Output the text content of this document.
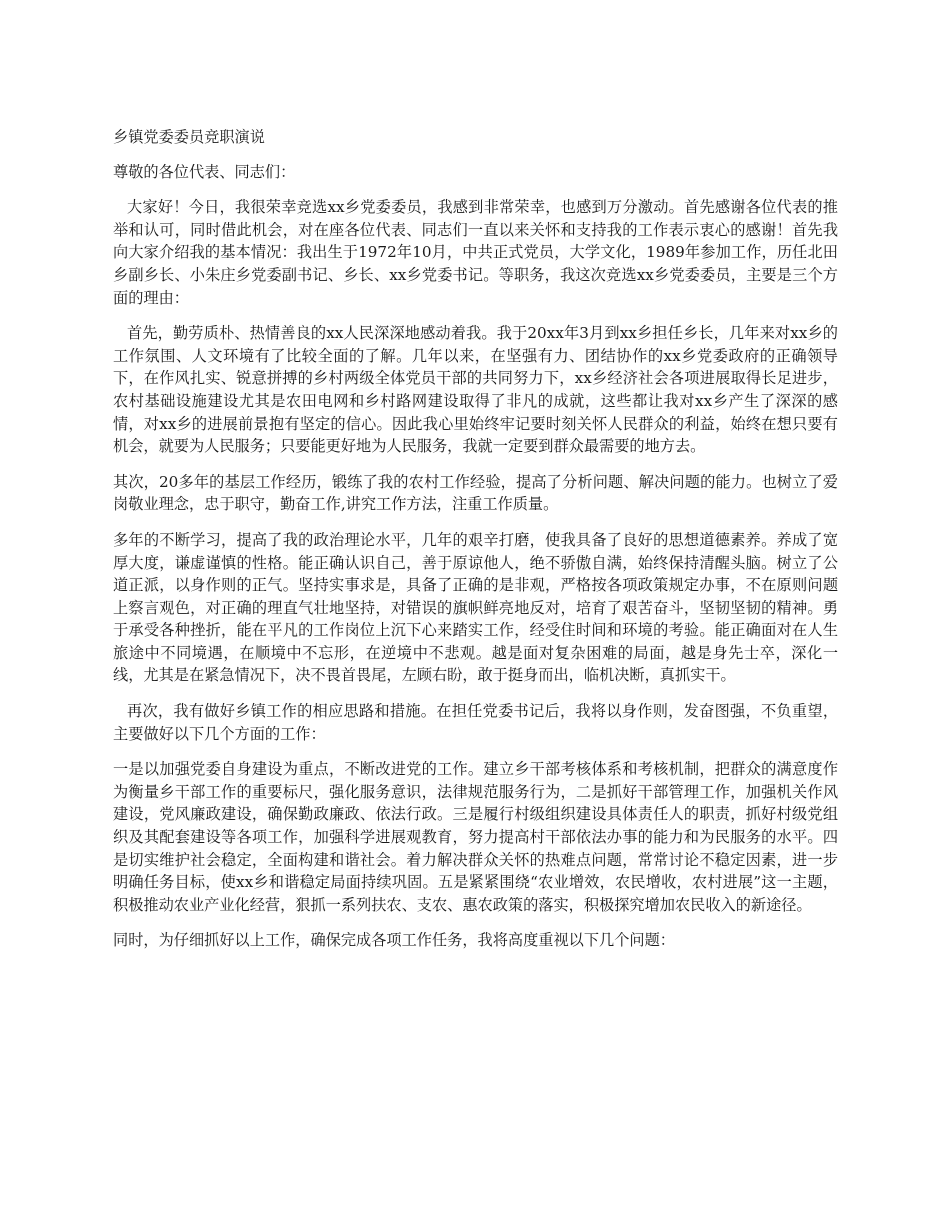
乡镇党委委员竞职演说

尊敬的各位代表、同志们：

大家好！今日，我很荣幸竞选xx乡党委委员，我感到非常荣幸，也感到万分激动。首先感谢各位代表的推举和认可，同时借此机会，对在座各位代表、同志们一直以来关怀和支持我的工作表示衷心的感谢！首先我向大家介绍我的基本情况：我出生于1972年10月，中共正式党员，大学文化，1989年参加工作，历任北田乡副乡长、小朱庄乡党委副书记、乡长、xx乡党委书记。等职务，我这次竞选xx乡党委委员，主要是三个方面的理由：

首先，勤劳质朴、热情善良的xx人民深深地感动着我。我于20xx年3月到xx乡担任乡长，几年来对xx乡的工作氛围、人文环境有了比较全面的了解。几年以来，在坚强有力、团结协作的xx乡党委政府的正确领导下，在作风扎实、锐意拼搏的乡村两级全体党员干部的共同努力下，xx乡经济社会各项进展取得长足进步，农村基础设施建设尤其是农田电网和乡村路网建设取得了非凡的成就，这些都让我对xx乡产生了深深的感情，对xx乡的进展前景抱有坚定的信心。因此我心里始终牢记要时刻关怀人民群众的利益，始终在想只要有机会，就要为人民服务；只要能更好地为人民服务，我就一定要到群众最需要的地方去。

其次，20多年的基层工作经历，锻练了我的农村工作经验，提高了分析问题、解决问题的能力。也树立了爱岗敬业理念，忠于职守，勤奋工作,讲究工作方法，注重工作质量。

多年的不断学习，提高了我的政治理论水平，几年的艰辛打磨，使我具备了良好的思想道德素养。养成了宽厚大度，谦虚谨慎的性格。能正确认识自己，善于原谅他人，绝不骄傲自满，始终保持清醒头脑。树立了公道正派，以身作则的正气。坚持实事求是，具备了正确的是非观，严格按各项政策规定办事，不在原则问题上察言观色，对正确的理直气壮地坚持，对错误的旗帜鲜亮地反对，培育了艰苦奋斗，坚韧坚韧的精神。勇于承受各种挫折，能在平凡的工作岗位上沉下心来踏实工作，经受住时间和环境的考验。能正确面对在人生旅途中不同境遇，在顺境中不忘形，在逆境中不悲观。越是面对复杂困难的局面，越是身先士卒，深化一线，尤其是在紧急情况下，决不畏首畏尾，左顾右盼，敢于挺身而出，临机决断，真抓实干。

再次，我有做好乡镇工作的相应思路和措施。在担任党委书记后，我将以身作则，发奋图强，不负重望，主要做好以下几个方面的工作：

一是以加强党委自身建设为重点，不断改进党的工作。建立乡干部考核体系和考核机制，把群众的满意度作为衡量乡干部工作的重要标尺，强化服务意识，法律规范服务行为，二是抓好干部管理工作，加强机关作风建设，党风廉政建设，确保勤政廉政、依法行政。三是履行村级组织建设具体责任人的职责，抓好村级党组织及其配套建设等各项工作，加强科学进展观教育，努力提高村干部依法办事的能力和为民服务的水平。四是切实维护社会稳定，全面构建和谐社会。着力解决群众关怀的热难点问题，常常讨论不稳定因素，进一步明确任务目标，使xx乡和谐稳定局面持续巩固。五是紧紧围绕“农业增效，农民增收，农村进展”这一主题，积极推动农业产业化经营，狠抓一系列扶农、支农、惠农政策的落实，积极探究增加农民收入的新途径。

同时，为仔细抓好以上工作，确保完成各项工作任务，我将高度重视以下几个问题：
